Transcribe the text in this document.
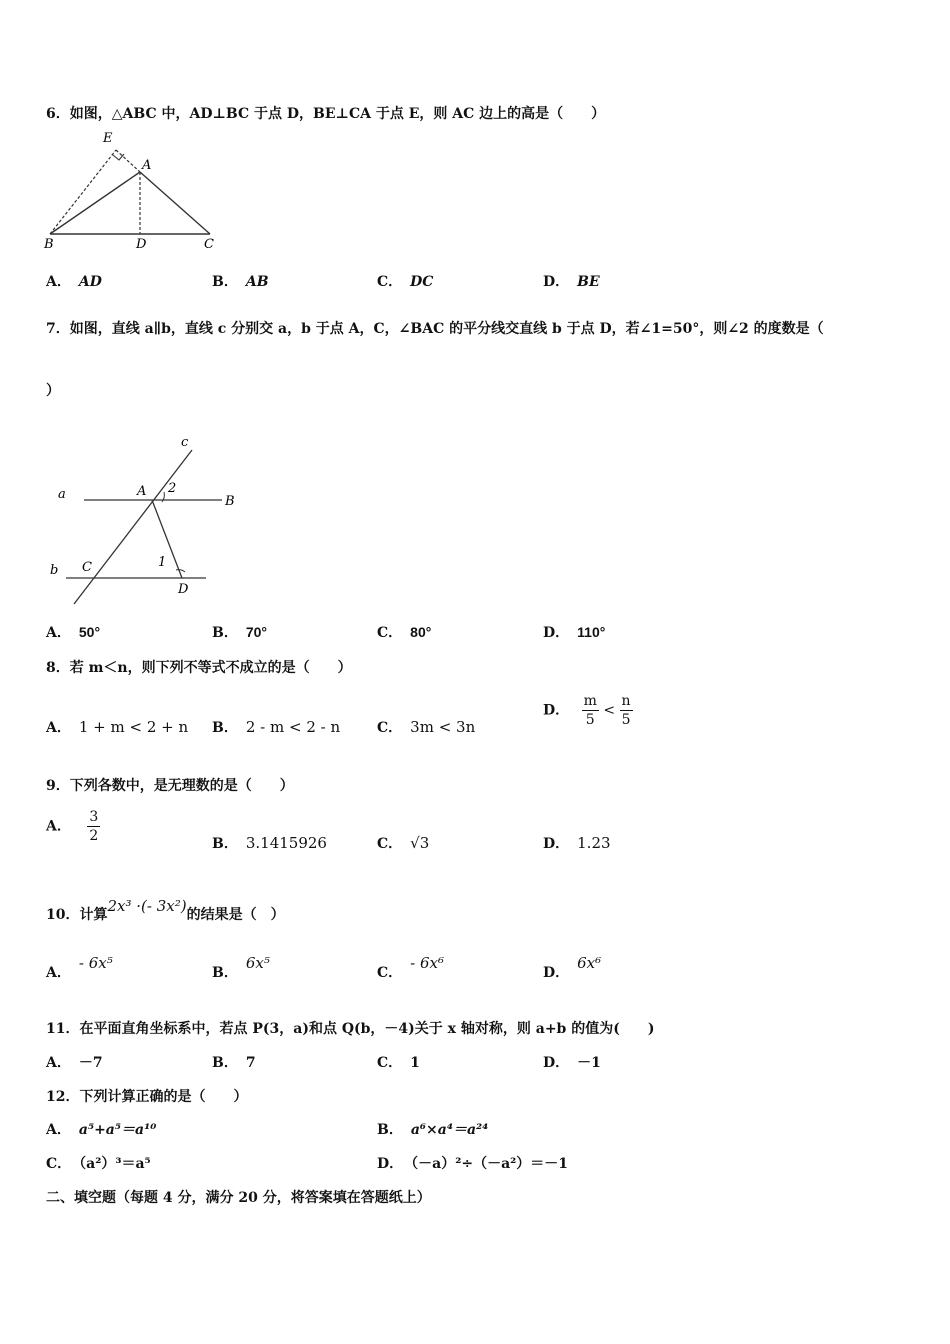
6．如图，△ABC 中，AD⊥BC 于点 D，BE⊥CA 于点 E，则 AC 边上的高是（　　）
E
A
B	D	C
A． AD	B． AB	C． DC	D． BE
7．如图，直线 a∥b，直线 c 分别交 a，b 于点 A，C，∠BAC 的平分线交直线 b 于点 D，若∠1=50°，则∠2 的度数是（
）
c
a	A 2
B
b C	1
D
A． 50°	B． 70°	C． 80°	D． 110°
8．若 m＜n，则下列不等式不成立的是（　　）
A． 1 + m < 2 + n B． 2 - m < 2 - n	C． 3m < 3n
D． $\frac{m}{5} < \frac{n}{5}$
9．下列各数中，是无理数的是（　　）
A． $\frac{3}{2}$	B． 3.1415926	C． √3	D． 1.23
10．计算2x³ ·(- 3x²)的结果是（　）
A．- 6x⁵
B．6x⁵
C．- 6x⁶
D．6x⁶
11．在平面直角坐标系中，若点 P(3，a)和点 Q(b，－4)关于 x 轴对称，则 a+b 的值为(　　)
A． －7	B． 7	C． 1	D． －1
12．下列计算正确的是（　　）
A． a⁵+a⁵＝a¹⁰	B． a⁶×a⁴＝a²⁴
C． （a²）³＝a⁵	D． （－a）²÷（－a²）＝－1
二、填空题（每题 4 分，满分 20 分，将答案填在答题纸上）
